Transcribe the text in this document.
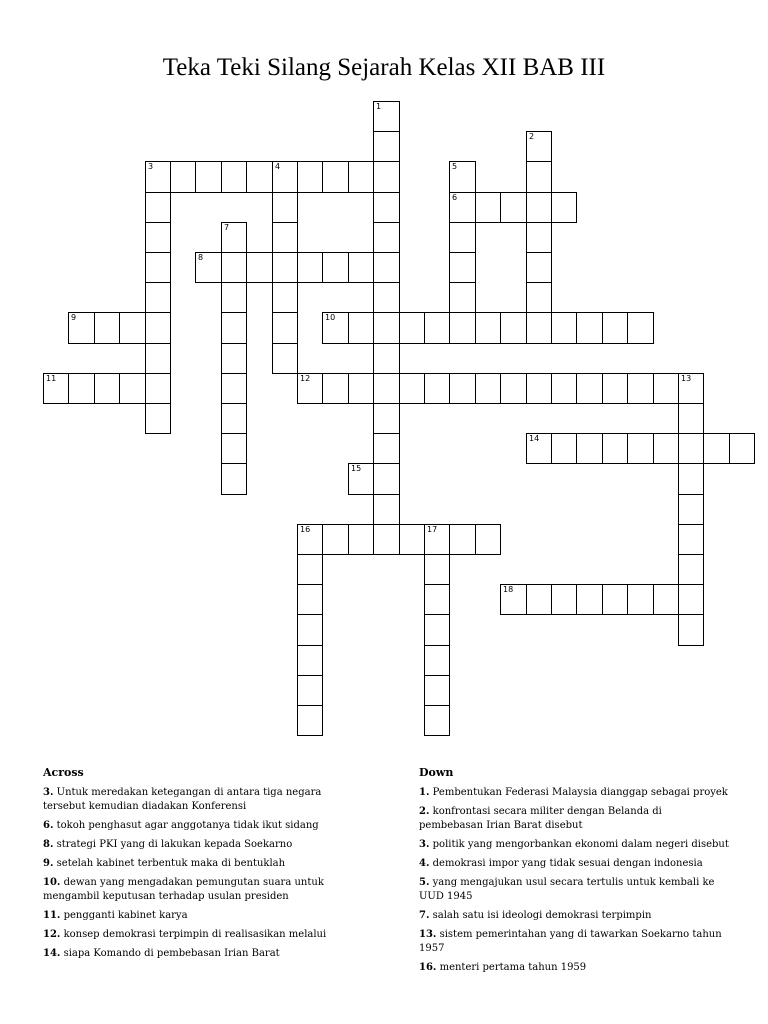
Teka Teki Silang Sejarah Kelas XII BAB III
1
2
3	4	5
6
7
8
9	10
11	12	13
14
15
16	17
18
Across
3. Untuk meredakan ketegangan di antara tiga negara tersebut kemudian diadakan Konferensi
6. tokoh penghasut agar anggotanya tidak ikut sidang
8. strategi PKI yang di lakukan kepada Soekarno
9. setelah kabinet terbentuk maka di bentuklah
10. dewan yang mengadakan pemungutan suara untuk mengambil keputusan terhadap usulan presiden
11. pengganti kabinet karya
12. konsep demokrasi terpimpin di realisasikan melalui
14. siapa Komando di pembebasan Irian Barat
Down
1. Pembentukan Federasi Malaysia dianggap sebagai proyek
2. konfrontasi secara militer dengan Belanda di pembebasan Irian Barat disebut
3. politik yang mengorbankan ekonomi dalam negeri disebut
4. demokrasi impor yang tidak sesuai dengan indonesia
5. yang mengajukan usul secara tertulis untuk kembali ke UUD 1945
7. salah satu isi ideologi demokrasi terpimpin
13. sistem pemerintahan yang di tawarkan Soekarno tahun 1957
16. menteri pertama tahun 1959
